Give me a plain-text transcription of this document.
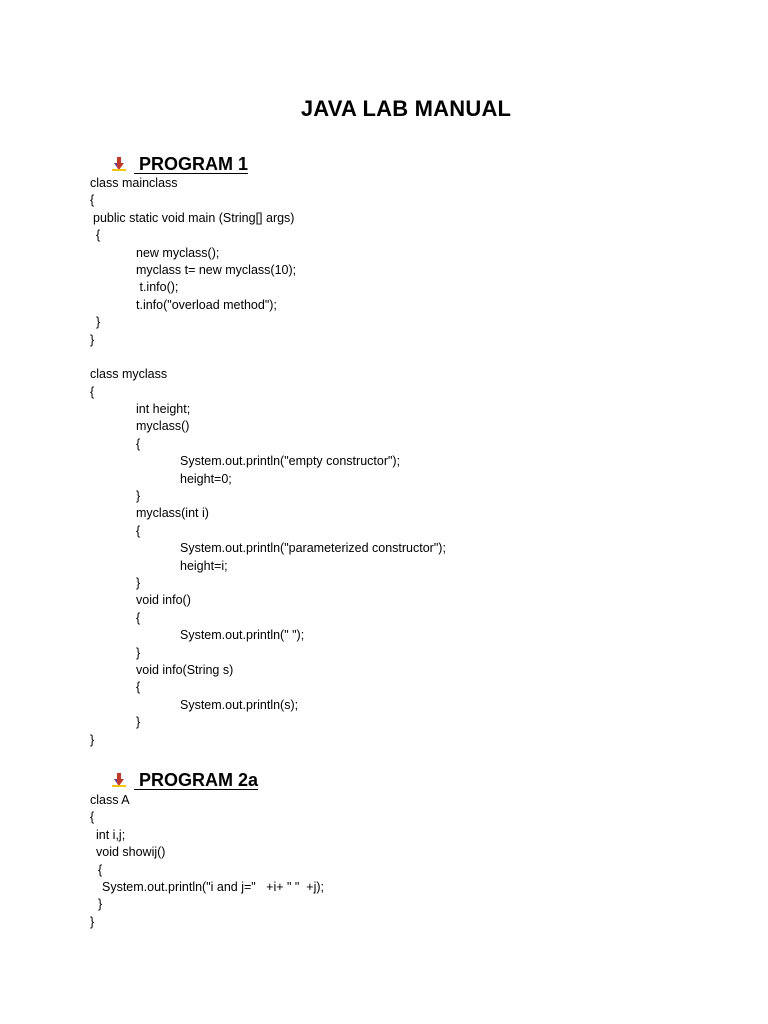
JAVA LAB MANUAL
PROGRAM 1
class mainclass
{
public static void main (String[] args)
{
new myclass();
myclass t= new myclass(10);
t.info();
t.info("overload method");
}
}
class myclass
{
int height;
myclass()
{
System.out.println("empty constructor");
height=0;
}
myclass(int i)
{
System.out.println("parameterized constructor");
height=i;
}
void info()
{
System.out.println(" ");
}
void info(String s)
{
System.out.println(s);
}
}
PROGRAM 2a
class A
{
int i,j;
void showij()
{
System.out.println("i and j="   +i+ " "  +j);
}
}
